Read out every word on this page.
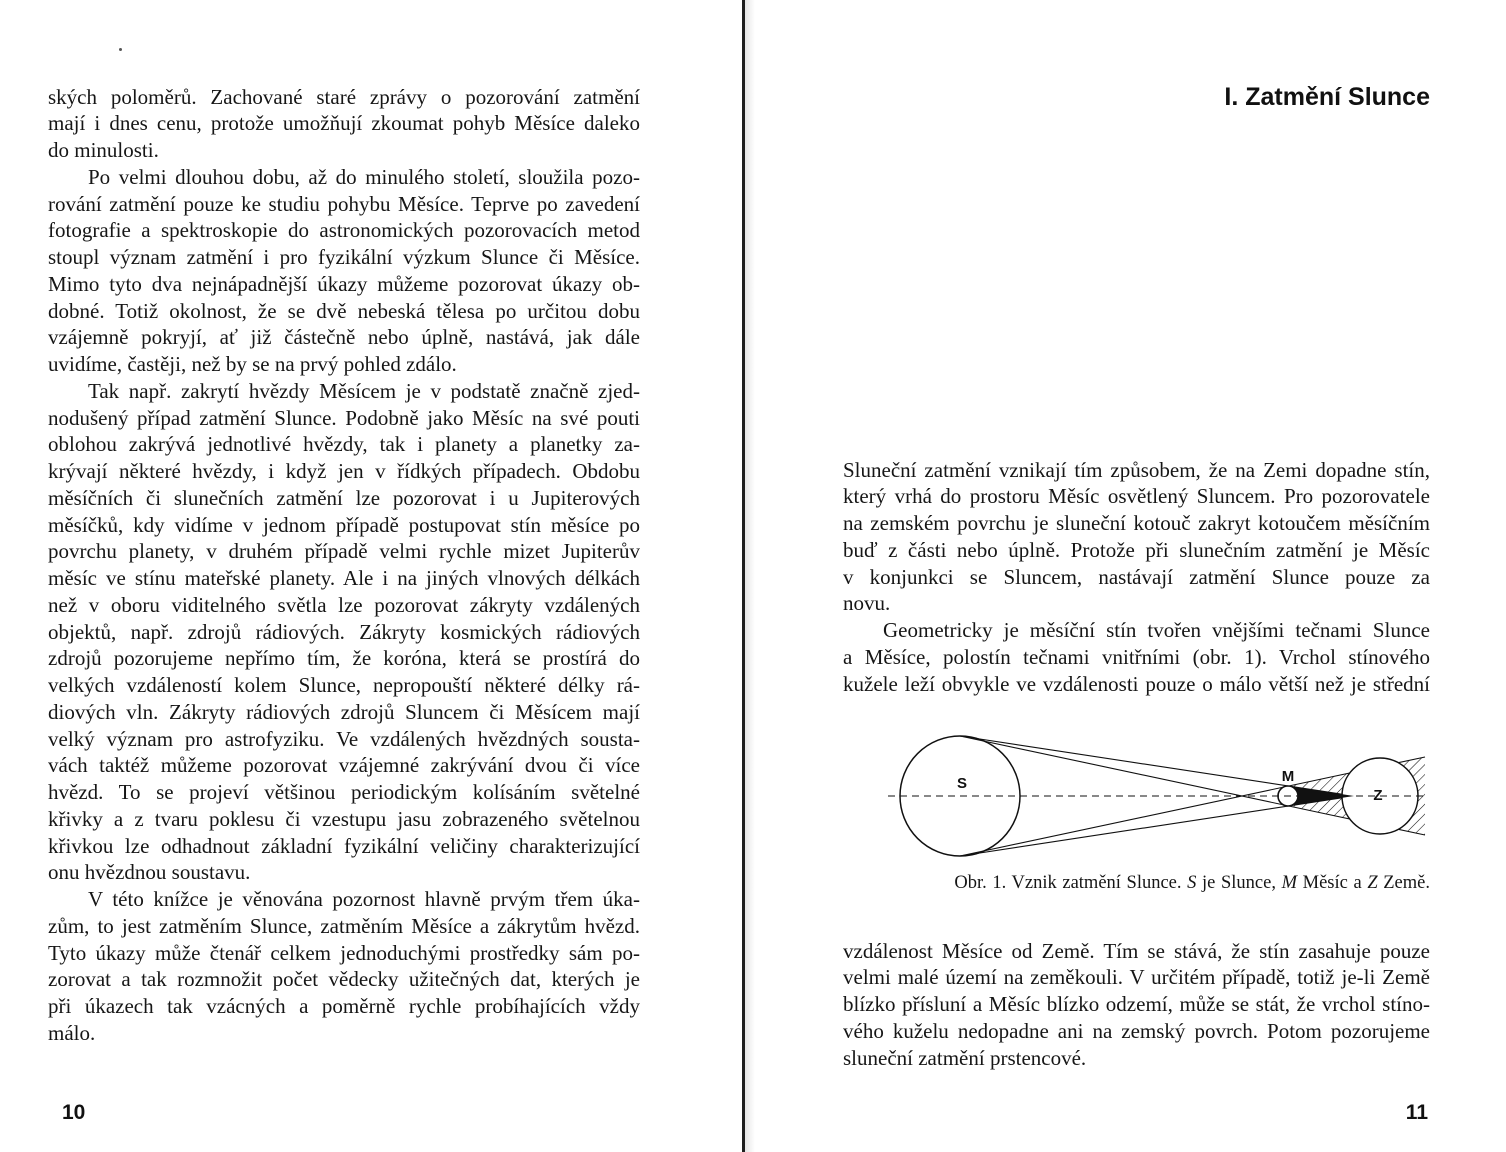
ských poloměrů. Zachované staré zprávy o pozorování zatmění
mají i dnes cenu, protože umožňují zkoumat pohyb Měsíce daleko
do minulosti.
Po velmi dlouhou dobu, až do minulého století, sloužila pozo-
rování zatmění pouze ke studiu pohybu Měsíce. Teprve po zavedení
fotografie a spektroskopie do astronomických pozorovacích metod
stoupl význam zatmění i pro fyzikální výzkum Slunce či Měsíce.
Mimo tyto dva nejnápadnější úkazy můžeme pozorovat úkazy ob-
dobné. Totiž okolnost, že se dvě nebeská tělesa po určitou dobu
vzájemně pokryjí, ať již částečně nebo úplně, nastává, jak dále
uvidíme, častěji, než by se na prvý pohled zdálo.
Tak např. zakrytí hvězdy Měsícem je v podstatě značně zjed-
nodušený případ zatmění Slunce. Podobně jako Měsíc na své pouti
oblohou zakrývá jednotlivé hvězdy, tak i planety a planetky za-
krývají některé hvězdy, i když jen v řídkých případech. Obdobu
měsíčních či slunečních zatmění lze pozorovat i u Jupiterových
měsíčků, kdy vidíme v jednom případě postupovat stín měsíce po
povrchu planety, v druhém případě velmi rychle mizet Jupiterův
měsíc ve stínu mateřské planety. Ale i na jiných vlnových délkách
než v oboru viditelného světla lze pozorovat zákryty vzdálených
objektů, např. zdrojů rádiových. Zákryty kosmických rádiových
zdrojů pozorujeme nepřímo tím, že koróna, která se prostírá do
velkých vzdáleností kolem Slunce, nepropouští některé délky rá-
diových vln. Zákryty rádiových zdrojů Sluncem či Měsícem mají
velký význam pro astrofyziku. Ve vzdálených hvězdných sousta-
vách taktéž můžeme pozorovat vzájemné zakrývání dvou či více
hvězd. To se projeví většinou periodickým kolísáním světelné
křivky a z tvaru poklesu či vzestupu jasu zobrazeného světelnou
křivkou lze odhadnout základní fyzikální veličiny charakterizující
onu hvězdnou soustavu.
V této knížce je věnována pozornost hlavně prvým třem úka-
zům, to jest zatměním Slunce, zatměním Měsíce a zákrytům hvězd.
Tyto úkazy může čtenář celkem jednoduchými prostředky sám po-
zorovat a tak rozmnožit počet vědecky užitečných dat, kterých je
při úkazech tak vzácných a poměrně rychle probíhajících vždy
málo.
10
I. Zatmění Slunce
Sluneční zatmění vznikají tím způsobem, že na Zemi dopadne stín,
který vrhá do prostoru Měsíc osvětlený Sluncem. Pro pozorovatele
na zemském povrchu je sluneční kotouč zakryt kotoučem měsíčním
buď z části nebo úplně. Protože při slunečním zatmění je Měsíc
v konjunkci se Sluncem, nastávají zatmění Slunce pouze za
novu.
Geometricky je měsíční stín tvořen vnějšími tečnami Slunce
a Měsíce, polostín tečnami vnitřními (obr. 1). Vrchol stínového
kužele leží obvykle ve vzdálenosti pouze o málo větší než je střední
S	M
Z
Obr. 1. Vznik zatmění Slunce. S je Slunce, M Měsíc a Z Země.
vzdálenost Měsíce od Země. Tím se stává, že stín zasahuje pouze
velmi malé území na zeměkouli. V určitém případě, totiž je-li Země
blízko přísluní a Měsíc blízko odzemí, může se stát, že vrchol stíno-
vého kuželu nedopadne ani na zemský povrch. Potom pozorujeme
sluneční zatmění prstencové.
11
